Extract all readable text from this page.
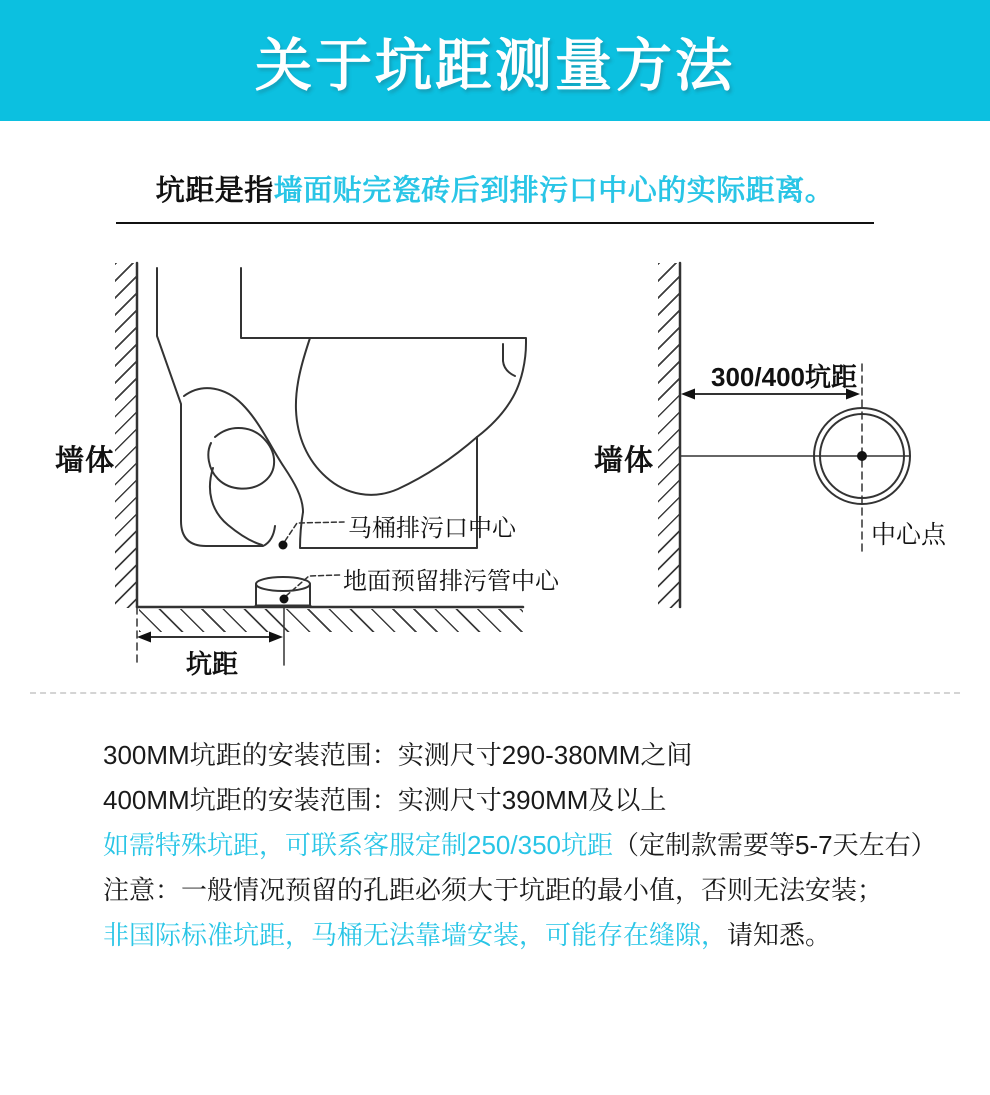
关于坑距测量方法
坑距是指墙面贴完瓷砖后到排污口中心的实际距离。
墙体
马桶排污口中心
地面预留排污管中心
坑距
墙体
300/400坑距
中心点
300MM坑距的安装范围：实测尺寸290-380MM之间
400MM坑距的安装范围：实测尺寸390MM及以上
如需特殊坑距，可联系客服定制250/350坑距（定制款需要等5-7天左右）
注意：一般情况预留的孔距必须大于坑距的最小值，否则无法安装；
非国际标准坑距，马桶无法靠墙安装，可能存在缝隙，请知悉。
